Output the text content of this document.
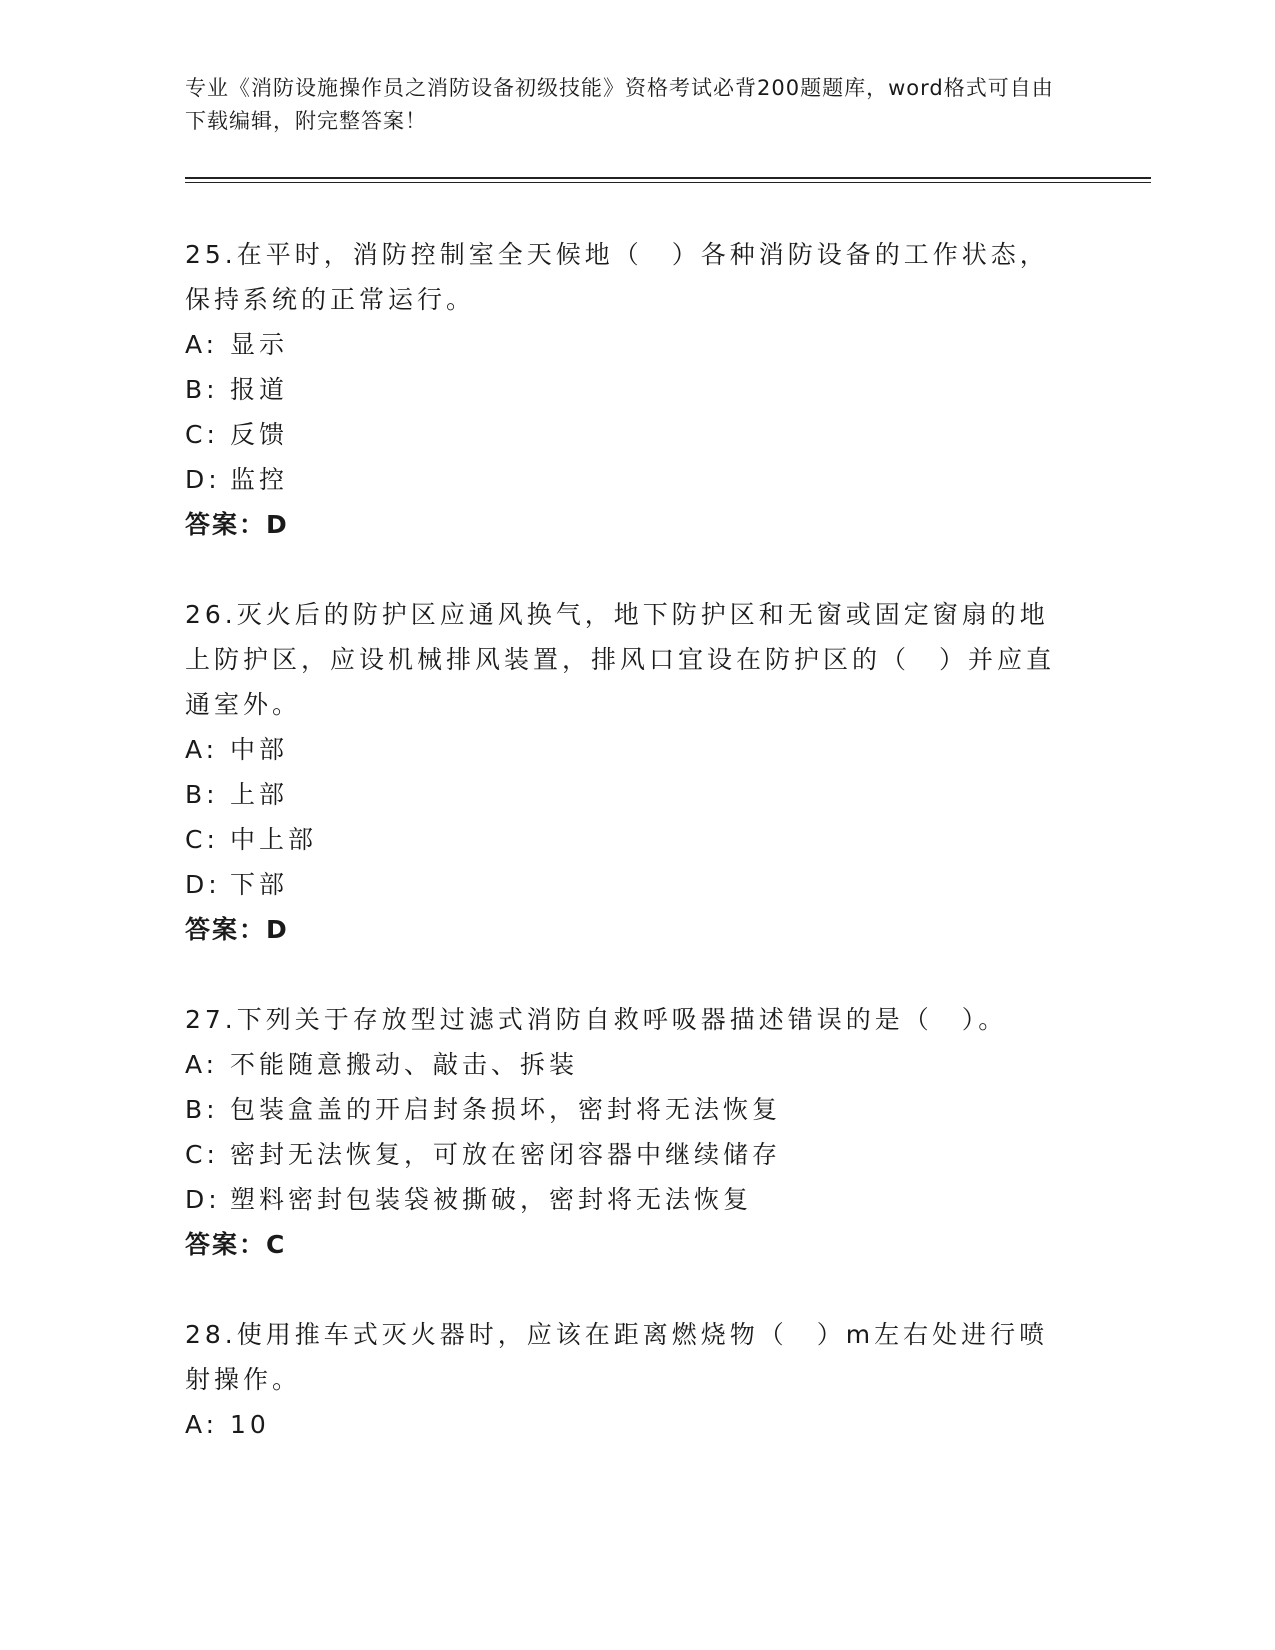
专业《消防设施操作员之消防设备初级技能》资格考试必背200题题库，word格式可自由下载编辑，附完整答案！
25.在平时，消防控制室全天候地（　）各种消防设备的工作状态，保持系统的正常运行。
A: 显示
B: 报道
C: 反馈
D: 监控
答案：D
26.灭火后的防护区应通风换气，地下防护区和无窗或固定窗扇的地上防护区，应设机械排风装置，排风口宜设在防护区的（　）并应直通室外。
A: 中部
B: 上部
C: 中上部
D: 下部
答案：D
27.下列关于存放型过滤式消防自救呼吸器描述错误的是（　）。
A: 不能随意搬动、敲击、拆装
B: 包装盒盖的开启封条损坏，密封将无法恢复
C: 密封无法恢复，可放在密闭容器中继续储存
D: 塑料密封包装袋被撕破，密封将无法恢复
答案：C
28.使用推车式灭火器时，应该在距离燃烧物（　）m左右处进行喷射操作。
A: 10
